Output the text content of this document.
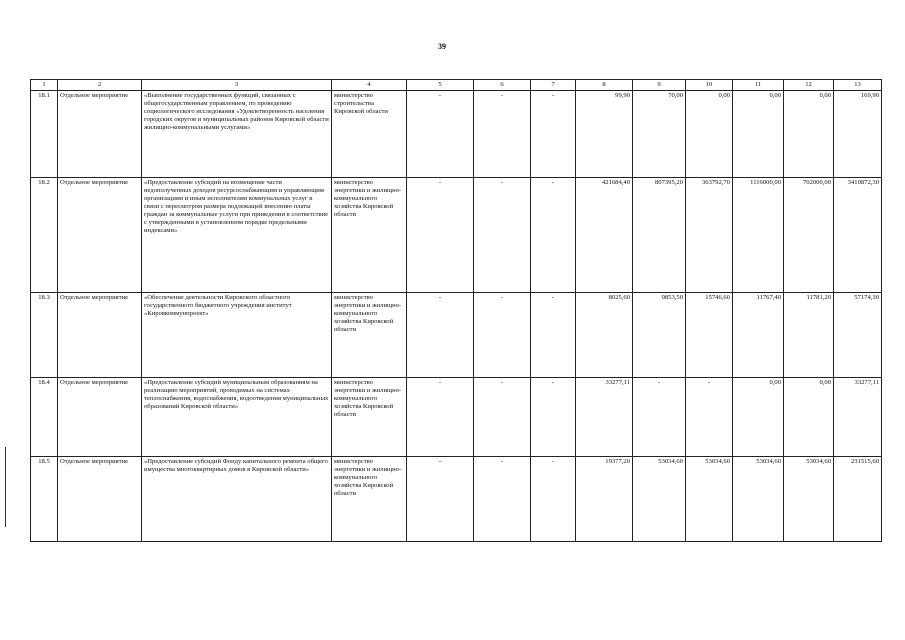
39
1	2	3	4	5	6	7	8	9	10	11	12	13
18.1	Отдельное мероприятие	«Выполнение государственных функций, связанных с общегосударственным управлением, по проведению социологического исследования «Удовлетворенность населения городских округов и муниципальных районов Кировской области жилищно-коммунальными услугами»	министерство строительства Кировской области	-	-	-	99,90	70,00	0,00	0,00	0,00	169,90
18.2	Отдельное мероприятие	«Предоставление субсидий на возмещение части недополученных доходов ресурсоснабжающим и управляющим организациям и иным исполнителям коммунальных услуг в связи с пересмотром размера подлежащей внесению платы граждан за коммунальные услуги при приведении в соответствие с утвержденными в установленном порядке предельными индексами»	министерство энергетики и жилищно-коммунального хозяйства Кировской области	-	-	-	421684,40	807395,20	363792,70	1116000,00	702000,00	3410872,30
18.3	Отдельное мероприятие	«Обеспечение деятельности Кировского областного государственного бюджетного учреждения институт «Кировкоммунпроект»	министерство энергетики и жилищно-коммунального хозяйства Кировской области	-	-	-	8025,60	9853,50	15746,60	11767,40	11781,20	57174,30
18.4	Отдельное мероприятие	«Предоставление субсидий муниципальным образованиям на реализацию мероприятий, проводимых на системах теплоснабжения, водоснабжения, водоотведения муниципальных образований Кировской области»	министерство энергетики и жилищно-коммунального хозяйства Кировской области	-	-	-	33277,11	-	-	0,00	0,00	33277,11
18.5	Отдельное мероприятие	«Предоставление субсидий Фонду капитального ремонта общего имущества многоквартирных домов в Кировской области»	министерство энергетики и жилищно-коммунального хозяйства Кировской области	-	-	-	19377,20	53034,60	53034,60	53034,60	53034,60	231515,60
